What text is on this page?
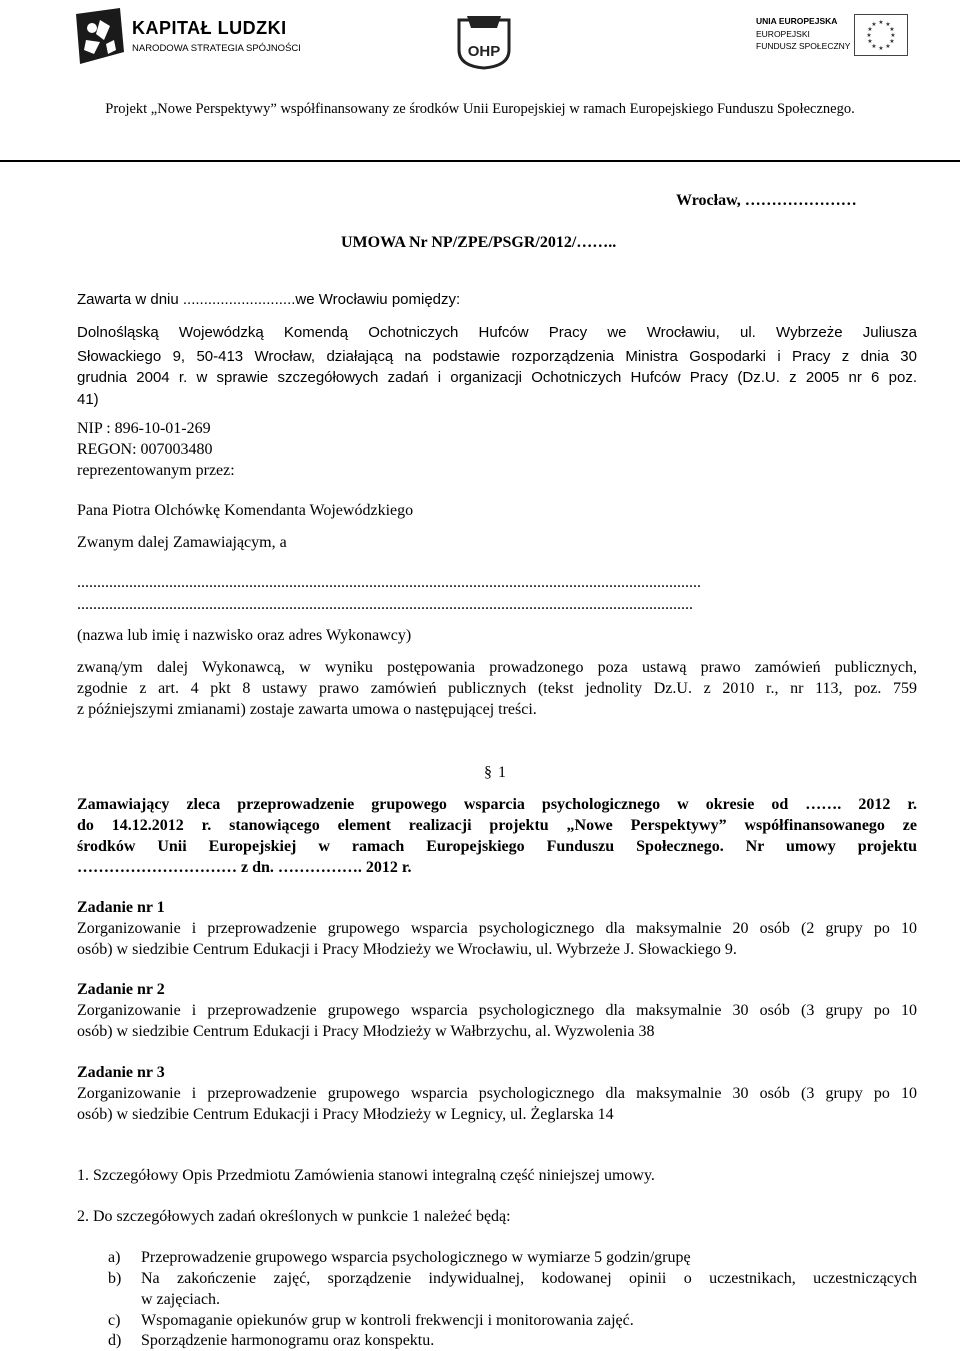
KAPITAŁ LUDZKI
NARODOWA STRATEGIA SPÓJNOŚCI	OHP
UNIA EUROPEJSKA
EUROPEJSKI
FUNDUSZ SPOŁECZNY
★ ★
★
★
★
★
★
★
★
★
★
★
Projekt „Nowe Perspektywy” współfinansowany ze środków Unii Europejskiej w ramach Europejskiego Funduszu Społecznego.
Wrocław, …………………
UMOWA Nr NP/ZPE/PSGR/2012/……..
Zawarta w dniu ...........................we Wrocławiu pomiędzy:
Dolnośląską Wojewódzką Komendą Ochotniczych Hufców Pracy we Wrocławiu, ul. Wybrzeże Juliusza
Słowackiego 9, 50-413 Wrocław, działającą na podstawie rozporządzenia Ministra Gospodarki i Pracy z dnia 30
grudnia 2004 r. w sprawie szczegółowych zadań i organizacji Ochotniczych Hufców Pracy (Dz.U. z 2005 nr 6 poz.
41)
NIP : 896-10-01-269
REGON: 007003480
reprezentowanym przez:
Pana Piotra Olchówkę Komendanta Wojewódzkiego
Zwanym dalej Zamawiającym, a
............................................................................................................................................................
..........................................................................................................................................................
(nazwa lub imię i nazwisko oraz adres Wykonawcy)
zwaną/ym dalej Wykonawcą, w wyniku postępowania prowadzonego poza ustawą prawo zamówień publicznych,
zgodnie z art. 4 pkt 8 ustawy prawo zamówień publicznych (tekst jednolity Dz.U. z 2010 r., nr 113, poz. 759
z późniejszymi zmianami) zostaje zawarta umowa o następującej treści.
§ 1
Zamawiający zleca przeprowadzenie grupowego wsparcia psychologicznego w okresie od ……. 2012 r.
do 14.12.2012 r. stanowiącego element realizacji projektu „Nowe Perspektywy” współfinansowanego ze
środków Unii Europejskiej w ramach Europejskiego Funduszu Społecznego. Nr umowy projektu
………………………… z dn. ……………. 2012 r.
Zadanie nr 1
Zorganizowanie i przeprowadzenie grupowego wsparcia psychologicznego dla maksymalnie 20 osób (2 grupy po 10
osób) w siedzibie Centrum Edukacji i Pracy Młodzieży we Wrocławiu, ul. Wybrzeże J. Słowackiego 9.
Zadanie nr 2
Zorganizowanie i przeprowadzenie grupowego wsparcia psychologicznego dla maksymalnie 30 osób (3 grupy po 10
osób) w siedzibie Centrum Edukacji i Pracy Młodzieży w Wałbrzychu, al. Wyzwolenia 38
Zadanie nr 3
Zorganizowanie i przeprowadzenie grupowego wsparcia psychologicznego dla maksymalnie 30 osób (3 grupy po 10
osób) w siedzibie Centrum Edukacji i Pracy Młodzieży w Legnicy, ul. Żeglarska 14
1. Szczegółowy Opis Przedmiotu Zamówienia stanowi integralną część niniejszej umowy.
2. Do szczegółowych zadań określonych w punkcie 1 należeć będą:
a) Przeprowadzenie grupowego wsparcia psychologicznego w wymiarze 5 godzin/grupę
b) Na zakończenie zajęć, sporządzenie indywidualnej, kodowanej opinii o uczestnikach, uczestniczących
w zajęciach.
c) Wspomaganie opiekunów grup w kontroli frekwencji i monitorowania zajęć.
d) Sporządzenie harmonogramu oraz konspektu.
